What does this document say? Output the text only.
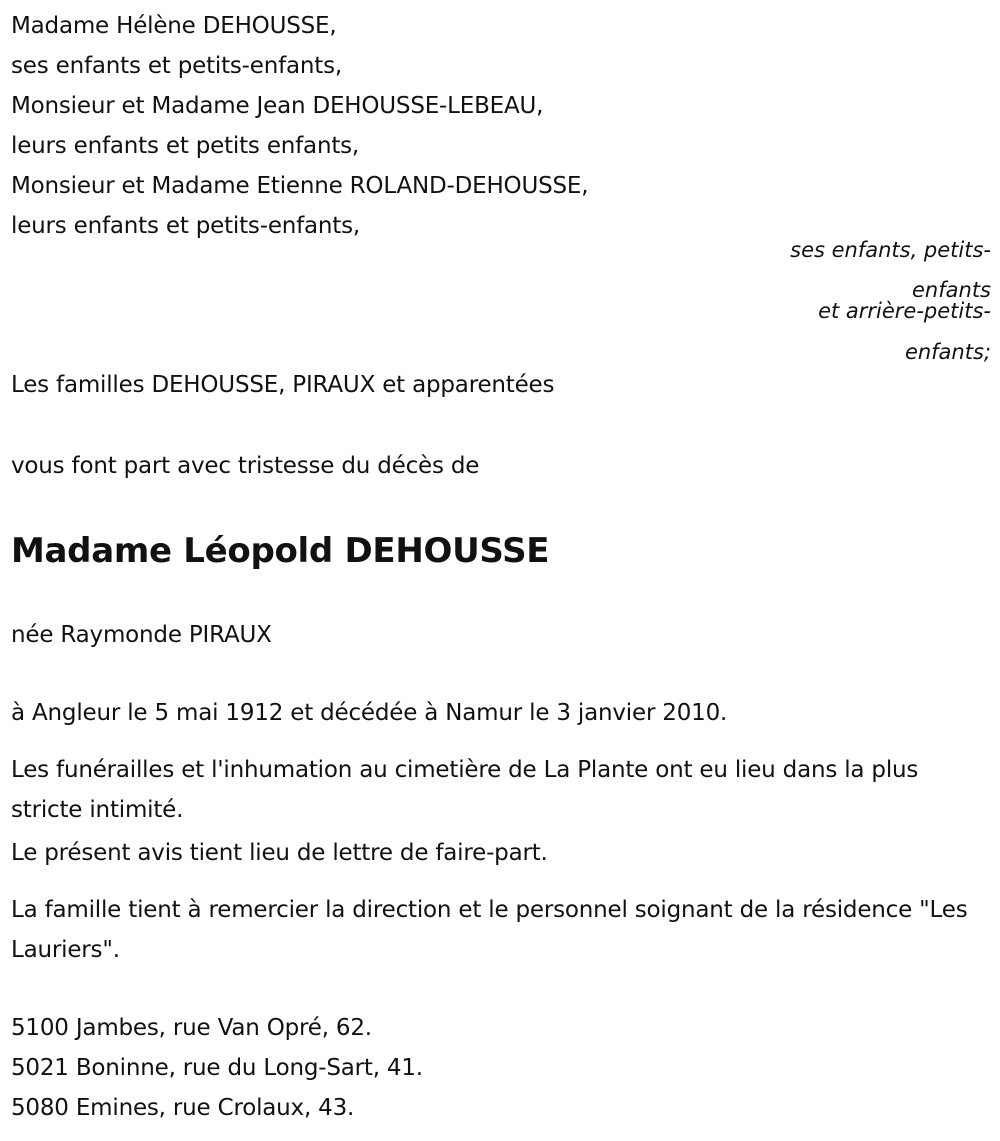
Madame Hélène DEHOUSSE,
ses enfants et petits-enfants,
Monsieur et Madame Jean DEHOUSSE-LEBEAU,
leurs enfants et petits enfants,
Monsieur et Madame Etienne ROLAND-DEHOUSSE,
leurs enfants et petits-enfants,
ses enfants, petits-
enfants
et arrière-petits-
enfants;
Les familles DEHOUSSE, PIRAUX et apparentées
vous font part avec tristesse du décès de
Madame Léopold DEHOUSSE
née Raymonde PIRAUX
à Angleur le 5 mai 1912 et décédée à Namur le 3 janvier 2010.
Les funérailles et l'inhumation au cimetière de La Plante ont eu lieu dans la plus stricte intimité.
Le présent avis tient lieu de lettre de faire-part.
La famille tient à remercier la direction et le personnel soignant de la résidence "Les Lauriers".
5100 Jambes, rue Van Opré, 62.
5021 Boninne, rue du Long-Sart, 41.
5080 Emines, rue Crolaux, 43.
